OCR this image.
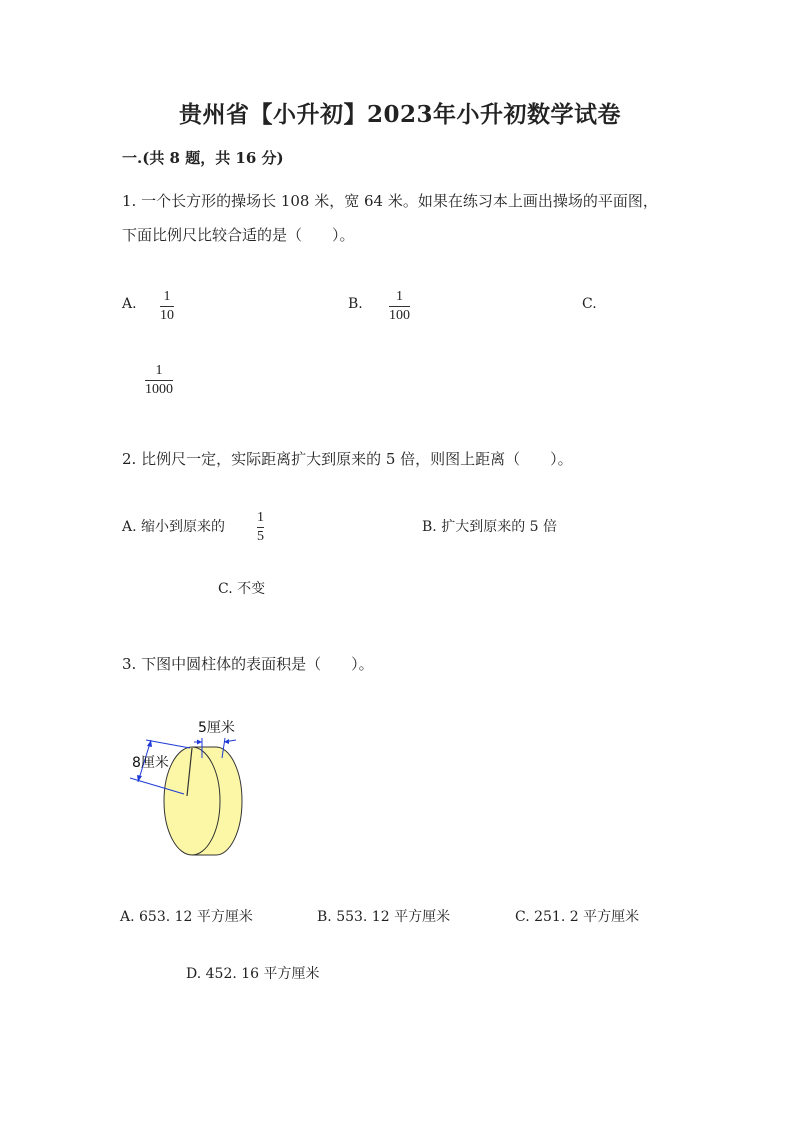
贵州省【小升初】2023年小升初数学试卷
一.(共 8 题，共 16 分)
1. 一个长方形的操场长 108 米，宽 64 米。如果在练习本上画出操场的平面图，
下面比例尺比较合适的是（　　）。
A. 1
10
B. 1
100
C.
1
1000
2. 比例尺一定，实际距离扩大到原来的 5 倍，则图上距离（　　）。
A. 缩小到原来的
1
5
B. 扩大到原来的 5 倍
C. 不变
3. 下图中圆柱体的表面积是（　　）。
5厘米
8厘米
A. 653. 12 平方厘米	B. 553. 12 平方厘米	C. 251. 2 平方厘米
D. 452. 16 平方厘米
